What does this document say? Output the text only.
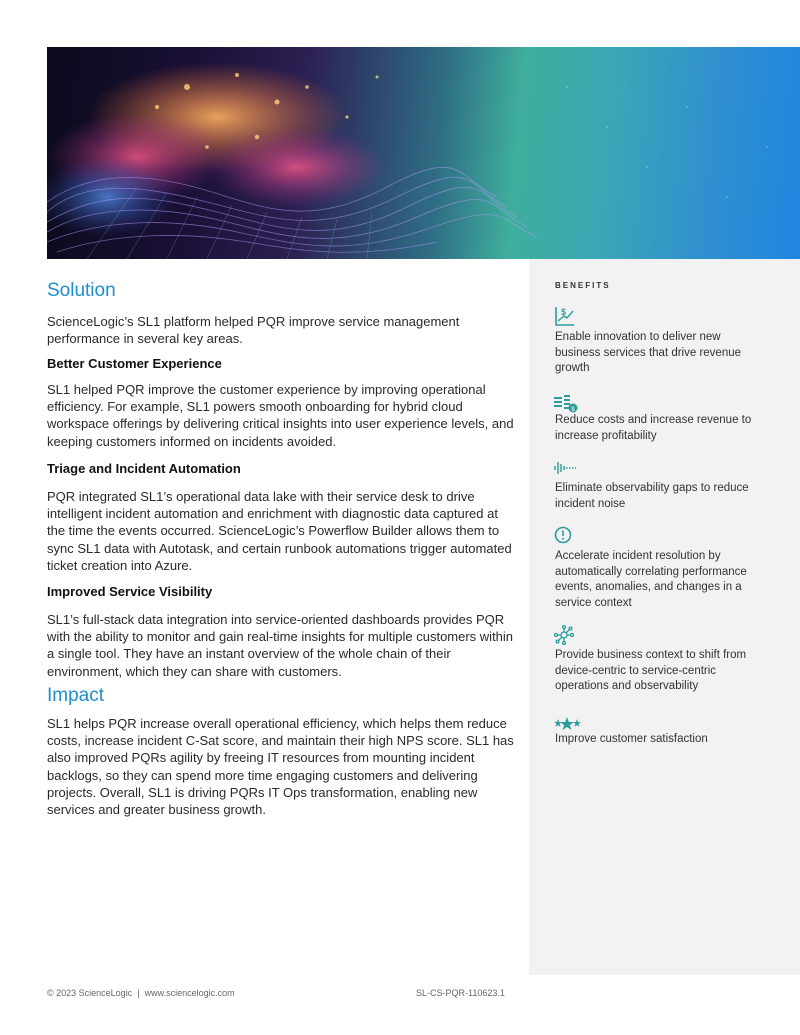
BENEFITS
$
Enable innovation to deliver new business services that drive revenue growth
$
Reduce costs and increase revenue to increase profitability
Eliminate observability gaps to reduce incident noise
Accelerate incident resolution by automatically correlating performance events, anomalies, and changes in a service context
Provide business context to shift from device-centric to service-centric operations and observability
Improve customer satisfaction
Solution

ScienceLogic’s SL1 platform helped PQR improve service management performance in several key areas.

Better Customer Experience

SL1 helped PQR improve the customer experience by improving operational efficiency. For example, SL1 powers smooth onboarding for hybrid cloud workspace offerings by delivering critical insights into user experience levels, and keeping customers informed on incidents avoided.

Triage and Incident Automation

PQR integrated SL1’s operational data lake with their service desk to drive intelligent incident automation and enrichment with diagnostic data captured at the time the events occurred. ScienceLogic’s Powerflow Builder allows them to sync SL1 data with Autotask, and certain runbook automations trigger automated ticket creation into Azure.

Improved Service Visibility

SL1’s full-stack data integration into service-oriented dashboards provides PQR with the ability to monitor and gain real-time insights for multiple customers within a single tool. They have an instant overview of the whole chain of their environment, which they can share with customers.

Impact

SL1 helps PQR increase overall operational efficiency, which helps them reduce costs, increase incident C-Sat score, and maintain their high NPS score. SL1 has also improved PQRs agility by freeing IT resources from mounting incident backlogs, so they can spend more time engaging customers and delivering projects. Overall, SL1 is driving PQRs IT Ops transformation, enabling new services and greater business growth.

© 2023 ScienceLogic | www.sciencelogic.com	SL-CS-PQR-110623.1
